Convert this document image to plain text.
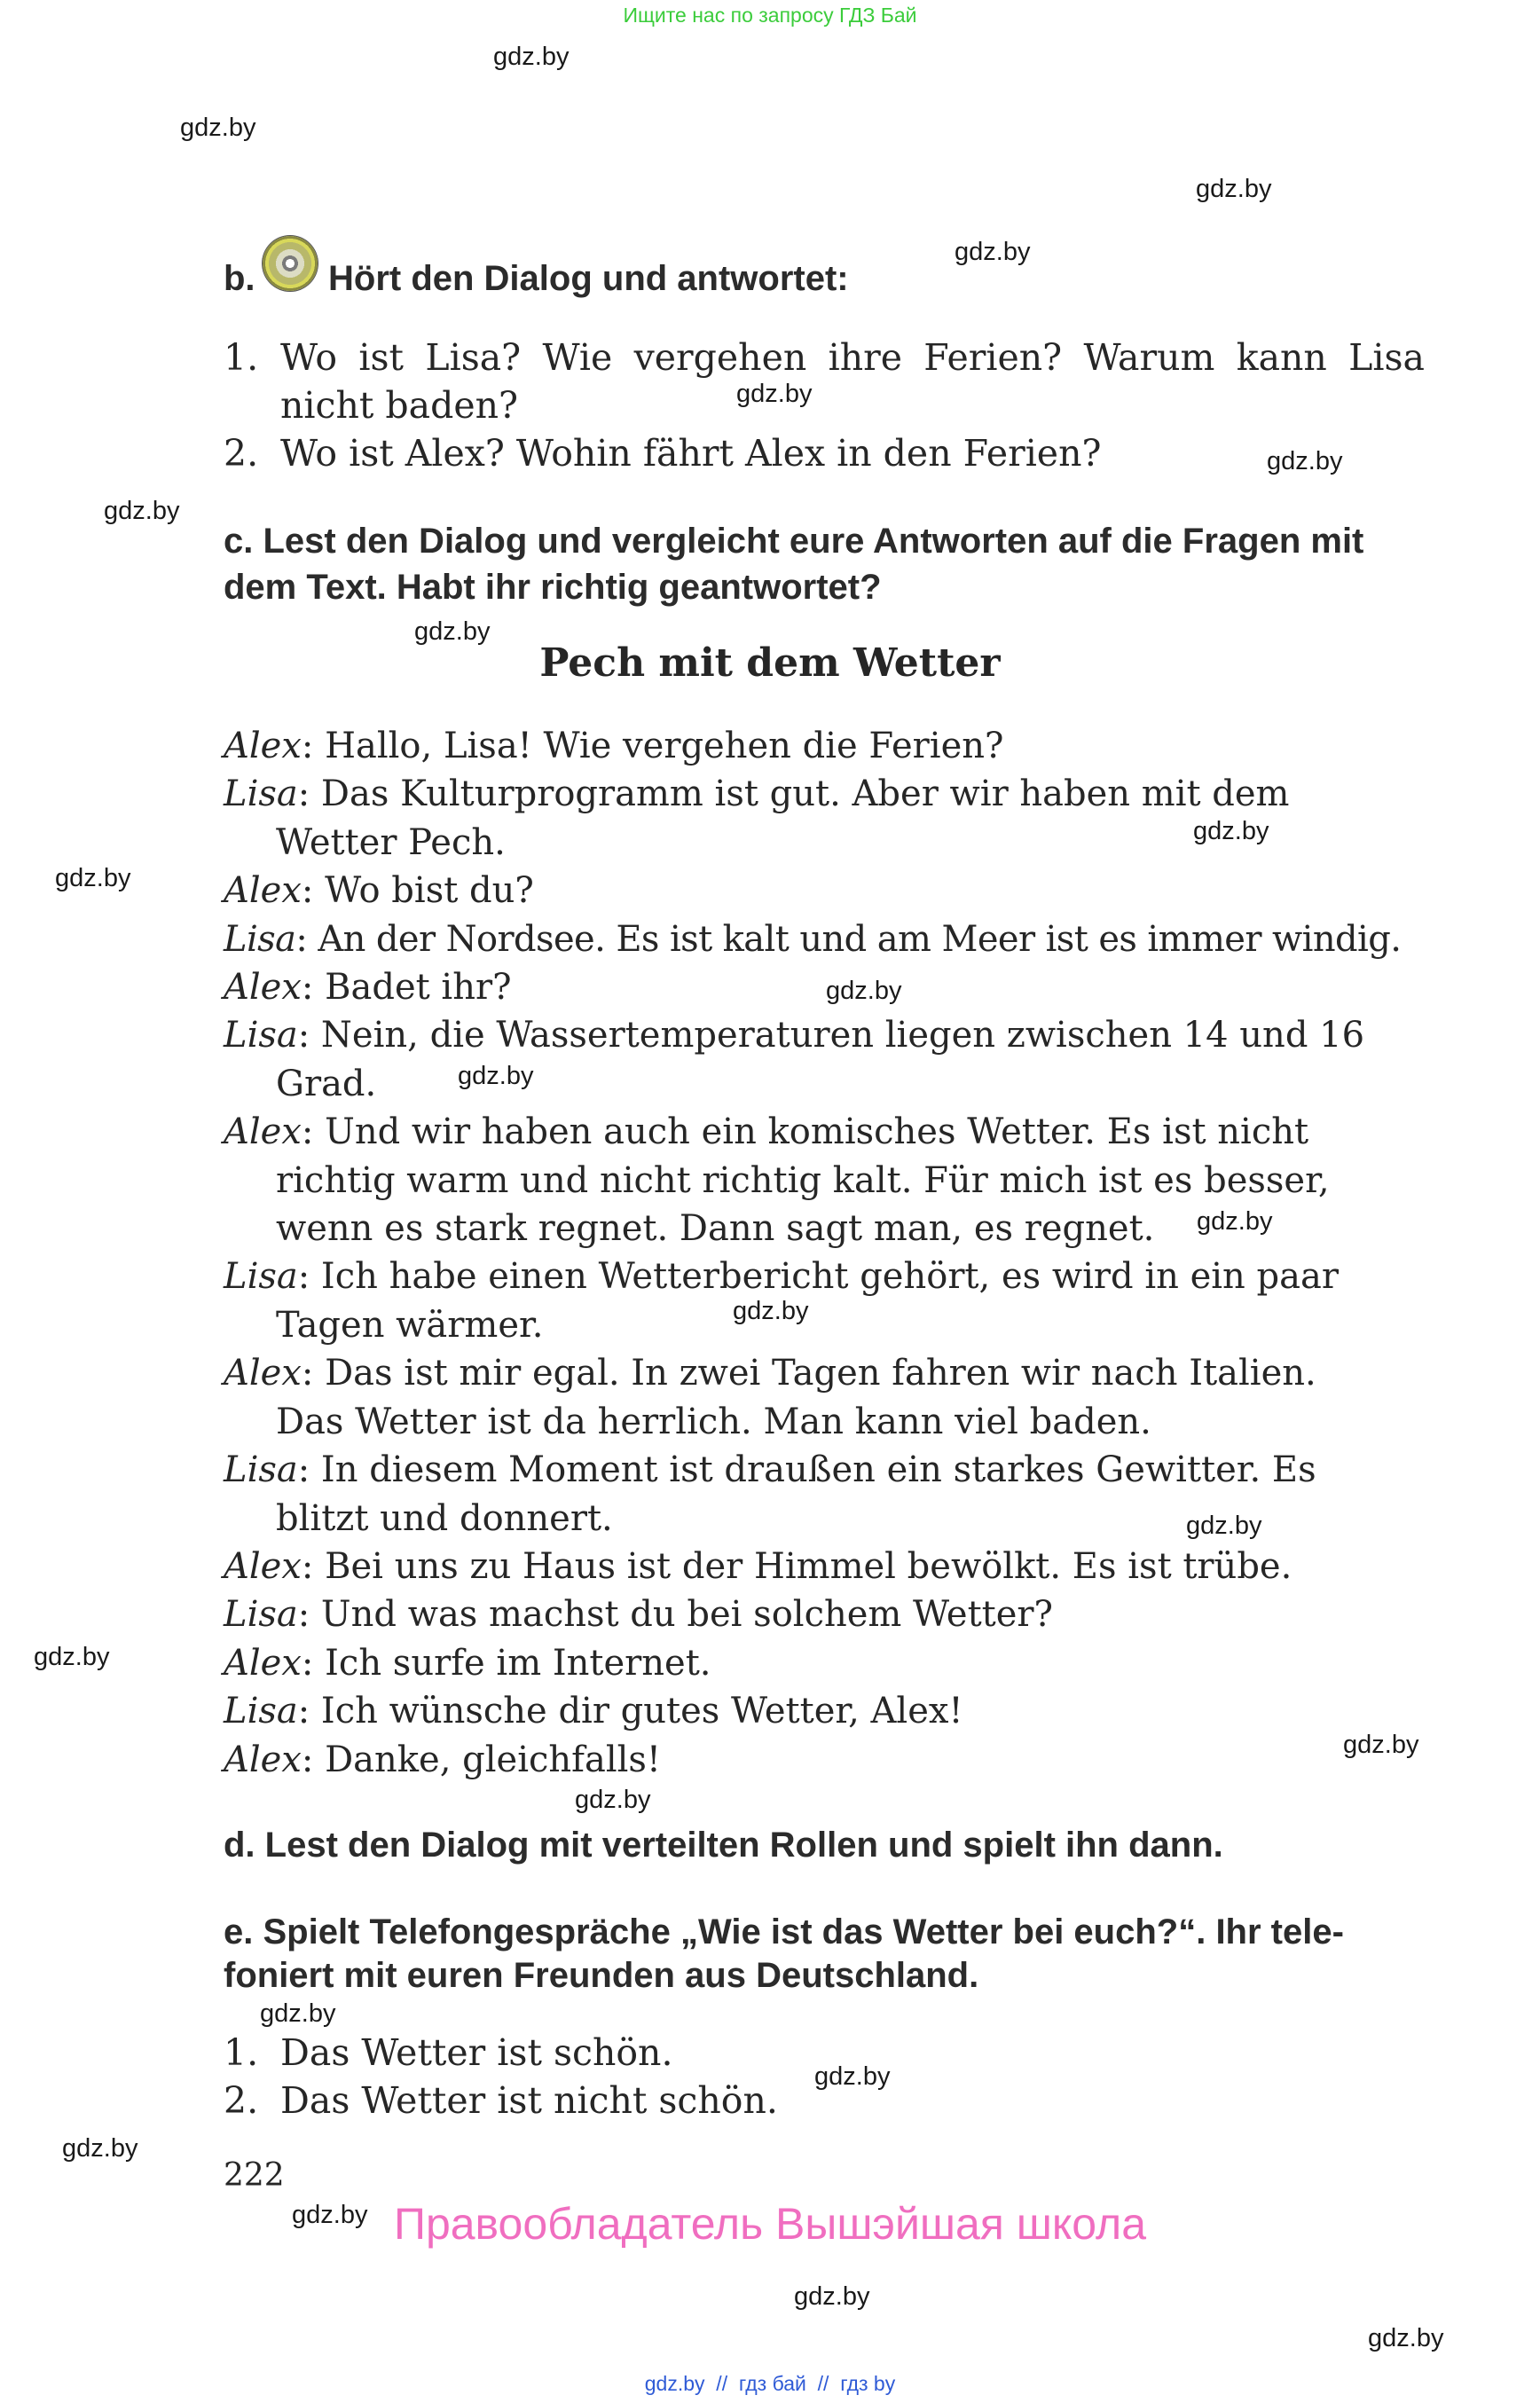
Ищите нас по запросу ГДЗ Бай
gdz.by
gdz.by
gdz.by
gdz.by
gdz.by
gdz.by
gdz.by
gdz.by
gdz.by
gdz.by
gdz.by
gdz.by
gdz.by
gdz.by
gdz.by
gdz.by
gdz.by
gdz.by
gdz.by
gdz.by
gdz.by
gdz.by
gdz.by
gdz.by
b. Hört den Dialog und antwortet:
1. Wo ist Lisa? Wie vergehen ihre Ferien? Warum kann Lisa nicht baden?
2. Wo ist Alex? Wohin fährt Alex in den Ferien?
c. Lest den Dialog und vergleicht eure Antworten auf die Fragen mit dem Text. Habt ihr richtig geantwortet?
Pech mit dem Wetter
Alex: Hallo, Lisa! Wie vergehen die Ferien?
Lisa: Das Kulturprogramm ist gut. Aber wir haben mit dem
Wetter Pech.
Alex: Wo bist du?
Lisa: An der Nordsee. Es ist kalt und am Meer ist es immer windig.
Alex: Badet ihr?
Lisa: Nein, die Wassertemperaturen liegen zwischen 14 und 16
Grad.
Alex: Und wir haben auch ein komisches Wetter. Es ist nicht
richtig warm und nicht richtig kalt. Für mich ist es besser,
wenn es stark regnet. Dann sagt man, es regnet.
Lisa: Ich habe einen Wetterbericht gehört, es wird in ein paar
Tagen wärmer.
Alex: Das ist mir egal. In zwei Tagen fahren wir nach Italien.
Das Wetter ist da herrlich. Man kann viel baden.
Lisa: In diesem Moment ist draußen ein starkes Gewitter. Es
blitzt und donnert.
Alex: Bei uns zu Haus ist der Himmel bewölkt. Es ist trübe.
Lisa: Und was machst du bei solchem Wetter?
Alex: Ich surfe im Internet.
Lisa: Ich wünsche dir gutes Wetter, Alex!
Alex: Danke, gleichfalls!
d. Lest den Dialog mit verteilten Rollen und spielt ihn dann.
e. Spielt Telefongespräche „Wie ist das Wetter bei euch?“. Ihr tele-
foniert mit euren Freunden aus Deutschland.
1. Das Wetter ist schön.
2. Das Wetter ist nicht schön.
222
Правообладатель Вышэйшая школа
gdz.by  //  гдз бай  //  гдз by
